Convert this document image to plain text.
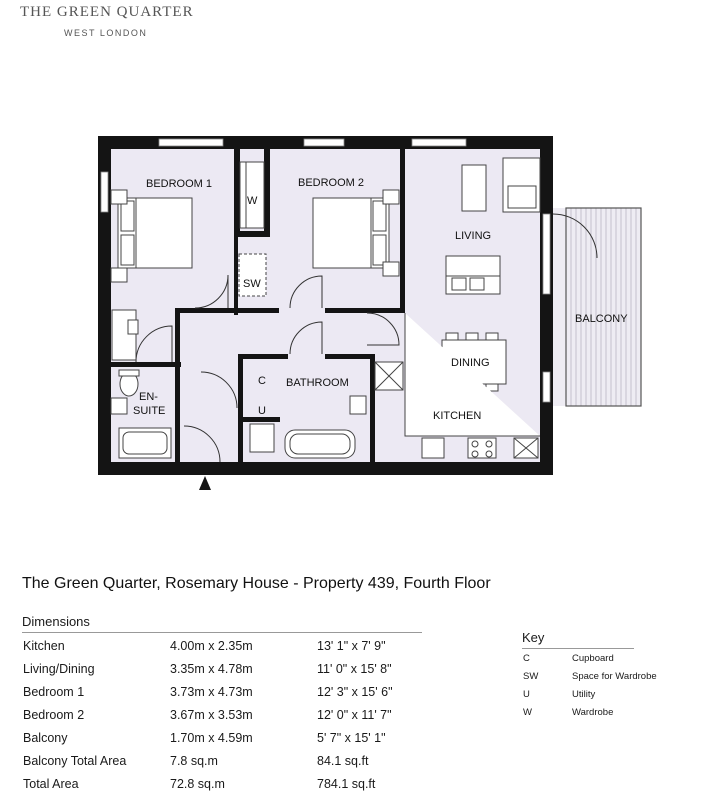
THE GREEN QUARTER
WEST LONDON
BEDROOM 1	BEDROOM 2
LIVING
BALCONY
DINING
KITCHEN
BATHROOM
EN-
SUITE
W
SW
C
U
The Green Quarter, Rosemary House - Property 439, Fourth Floor
Dimensions
Kitchen	4.00m x 2.35m	13' 1" x 7' 9"
Living/Dining	3.35m x 4.78m	11' 0" x 15' 8"
Bedroom 1	3.73m x 4.73m	12' 3" x 15' 6"
Bedroom 2	3.67m x 3.53m	12' 0" x 11' 7"
Balcony	1.70m x 4.59m	5' 7" x 15' 1"
Balcony Total Area	7.8 sq.m	84.1 sq.ft
Total Area	72.8 sq.m	784.1 sq.ft
Key
C	Cupboard
SW	Space for Wardrobe
U	Utility
W	Wardrobe
